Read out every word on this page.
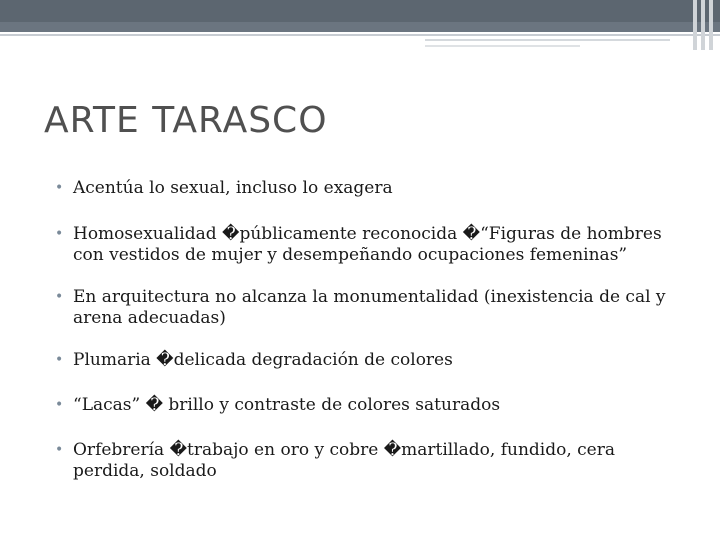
ARTE TARASCO
• Acentúa lo sexual, incluso lo exagera
• Homosexualidad �públicamente reconocida �“Figuras de hombres
con vestidos de mujer y desempeñando ocupaciones femeninas”
• En arquitectura no alcanza la monumentalidad (inexistencia de cal y
arena adecuadas)
• Plumaria �delicada degradación de colores
• “Lacas” � brillo y contraste de colores saturados
• Orfebrería �trabajo en oro y cobre �martillado, fundido, cera
perdida, soldado
